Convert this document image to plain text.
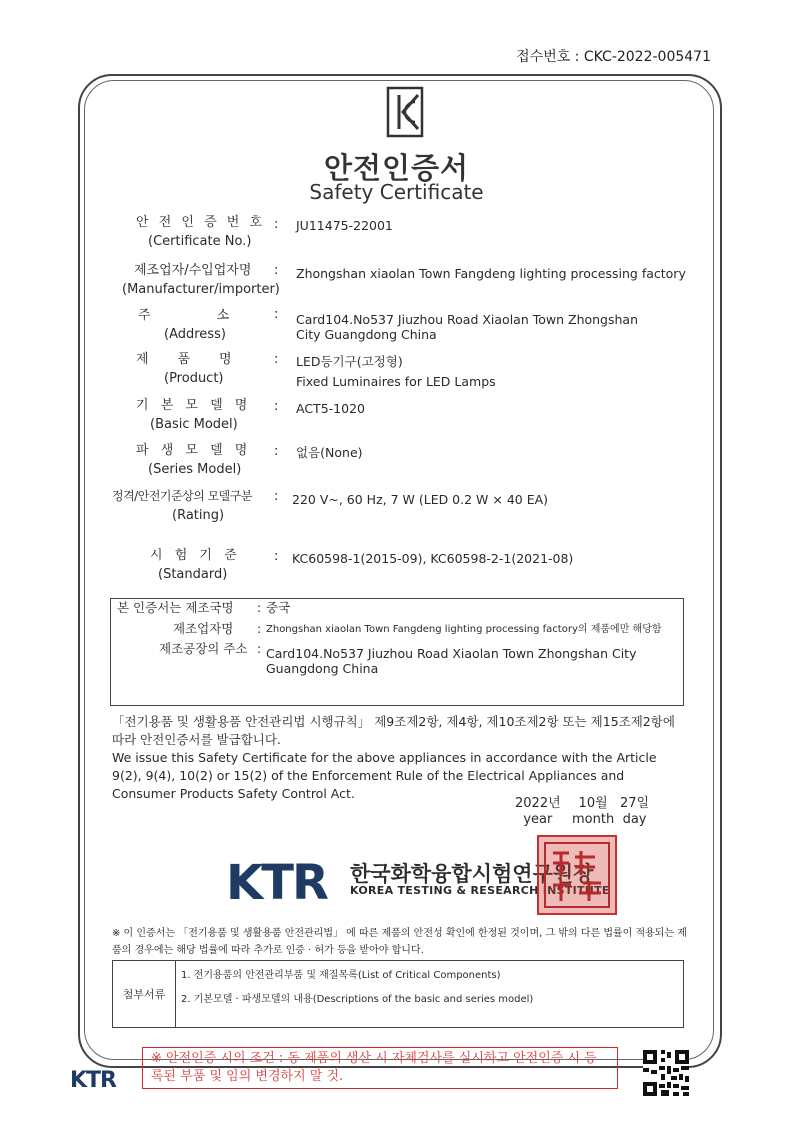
접수번호 : CKC-2022-005471
안전인증서
Safety Certificate
안 전 인 증 번 호
(Certificate No.)
: JU11475-22001
제조업자/수입업자명
(Manufacturer/importer)
: Zhongshan xiaolan Town Fangdeng lighting processing factory
주                소
(Address)
: Card104.No537 Jiuzhou Road Xiaolan Town Zhongshan City Guangdong China
제       품       명
(Product)
: LED등기구(고정형)
Fixed Luminaires for LED Lamps
기 본 모 델 명
(Basic Model)
: ACT5-1020
파 생 모 델 명
(Series Model)
: 없음(None)
정격/안전기준상의 모델구분
(Rating)
: 220 V~, 60 Hz, 7 W (LED 0.2 W × 40 EA)
시 험 기 준
(Standard)
: KC60598-1(2015-09), KC60598-2-1(2021-08)
본 인증서는 제조국명 : 중국
제조업자명 : Zhongshan xiaolan Town Fangdeng lighting processing factory의 제품에만 해당함
제조공장의 주소 : Card104.No537 Jiuzhou Road Xiaolan Town Zhongshan City Guangdong China
「전기용품 및 생활용품 안전관리법 시행규칙」 제9조제2항, 제4항, 제10조제2항 또는 제15조제2항에 따라 안전인증서를 발급합니다.
We issue this Safety Certificate for the above appliances in accordance with the Article 9(2), 9(4), 10(2) or 15(2) of the Enforcement Rule of the Electrical Appliances and Consumer Products Safety Control Act.
2022년
year
10월
month
27일
day
KTR 한국화학융합시험연구원장
KOREA TESTING & RESEARCH INSTITUTE
※ 이 인증서는 「전기용품 및 생활용품 안전관리법」 에 따른 제품의 안전성 확인에 한정된 것이며, 그 밖의 다른 법률이 적용되는 제품의 경우에는 해당 법률에 따라 추가로 인증 · 허가 등을 받아야 합니다.
첨부서류
1. 전기용품의 안전관리부품 및 재질목록(List of Critical Components)
2. 기본모델 · 파생모델의 내용(Descriptions of the basic and series model)
※ 안전인증 시의 조건 : 동 제품의 생산 시 자체검사를 실시하고 안전인증 시 등록된 부품 및 임의 변경하지 말 것.
KTR
